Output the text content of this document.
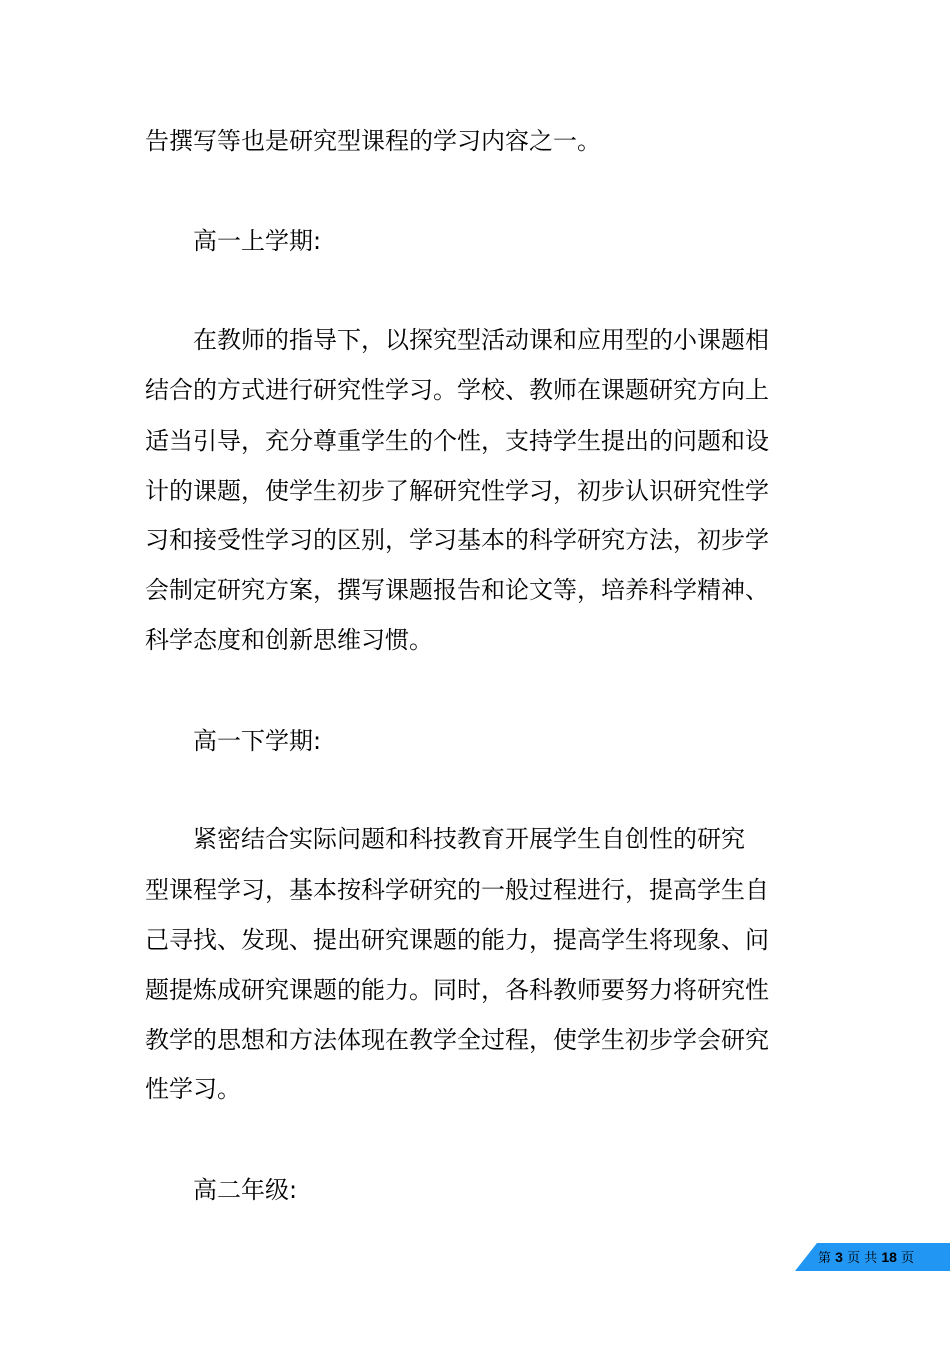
告撰写等也是研究型课程的学习内容之一。

高一上学期:

在教师的指导下，以探究型活动课和应用型的小课题相

结合的方式进行研究性学习。学校、教师在课题研究方向上

适当引导，充分尊重学生的个性，支持学生提出的问题和设

计的课题，使学生初步了解研究性学习，初步认识研究性学

习和接受性学习的区别，学习基本的科学研究方法，初步学

会制定研究方案，撰写课题报告和论文等，培养科学精神、

科学态度和创新思维习惯。

高一下学期:

紧密结合实际问题和科技教育开展学生自创性的研究

型课程学习，基本按科学研究的一般过程进行，提高学生自

己寻找、发现、提出研究课题的能力，提高学生将现象、问

题提炼成研究课题的能力。同时，各科教师要努力将研究性

教学的思想和方法体现在教学全过程，使学生初步学会研究

性学习。

高二年级:

第 3 页 共 18 页
